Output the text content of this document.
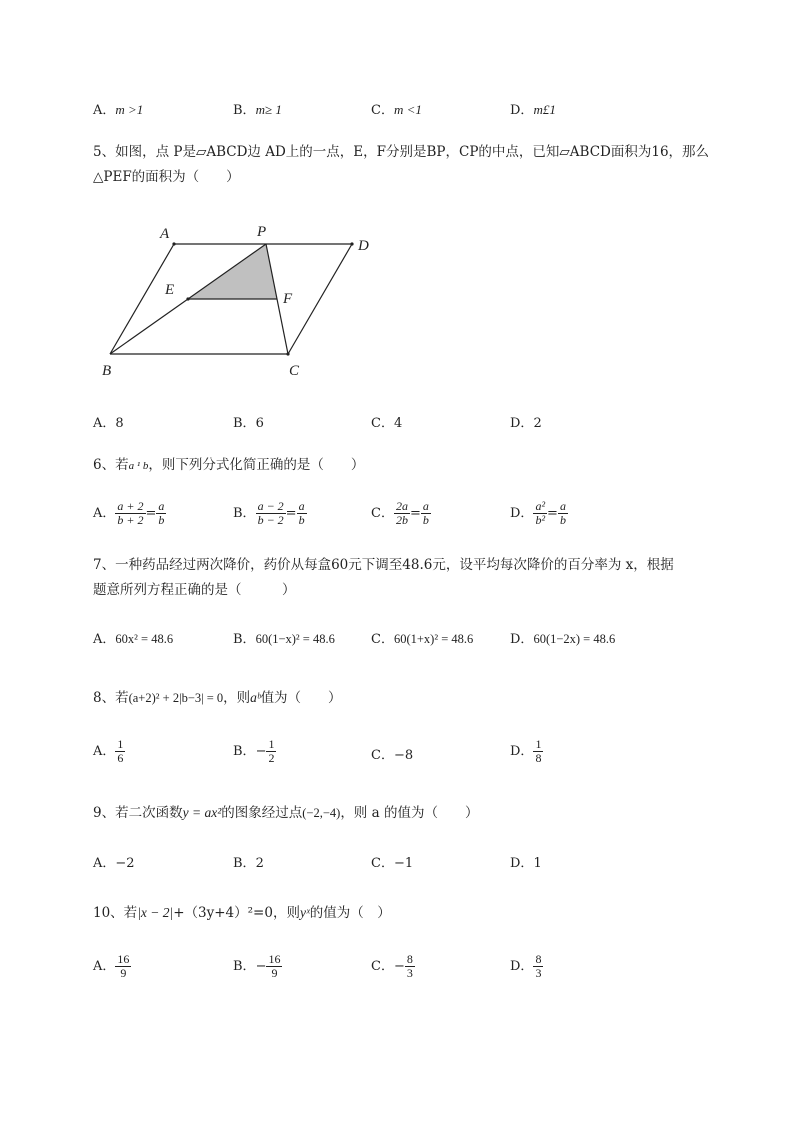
A．m >1	B．m≥ 1	C．m <1	D．m£1
5、如图，点 P是▱ABCD边 AD上的一点，E，F分别是BP，CP的中点，已知▱ABCD面积为16，那么
△PEF的面积为（　　）
A	P
D
E
F
B	C
A．8	B．6	C．4	D．2
6、若a ¹ b，则下列分式化简正确的是（　　）
A． $\frac{a + 2}{b + 2} = \frac{a}{b}$	B． $\frac{a - 2}{b - 2} = \frac{a}{b}$	C． $\frac{2a}{2b} = \frac{a}{b}$	D． $\frac{\text{a²}}{\text{b²}} = \frac{a}{b}$
7、一种药品经过两次降价，药价从每盒60元下调至48.6元，设平均每次降价的百分率为 x，根据
题意所列方程正确的是（　　　）
A．60x² = 48.6	B．60(1−x)² = 48.6	C．60(1+x)² = 48.6	D．60(1−2x) = 48.6
8、若(a+2)² + 2|b−3| = 0，则aᵇ值为（　　）
A． $\frac{1}{6}$	B．− $\frac{1}{2}$	C．−8	D． $\frac{1}{8}$
9、若二次函数y = ax²的图象经过点(−2,−4)，则 a 的值为（　　）
A．−2	B．2	C．−1	D．1
10、若|x − 2|+（3y+4）²=0，则yˣ的值为（　）
A． $\frac{16}{9}$	B．− $\frac{16}{9}$	C．− $\frac{8}{3}$	D． $\frac{8}{3}$
